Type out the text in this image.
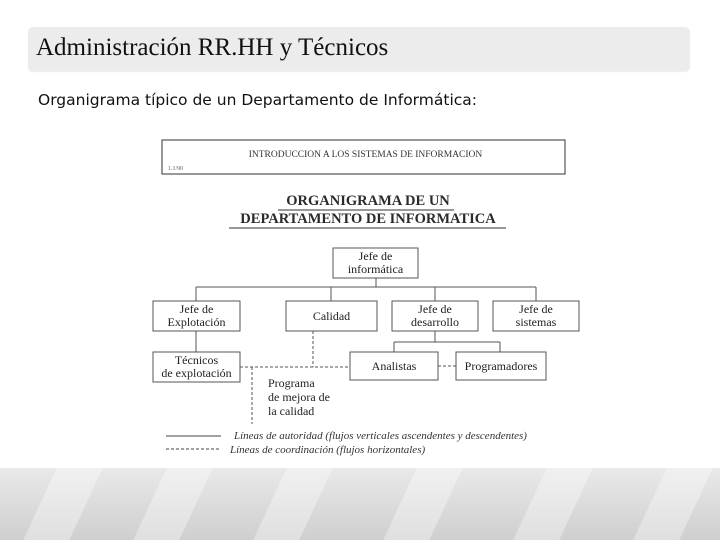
Administración RR.HH y Técnicos
Organigrama típico de un Departamento de Informática:
1.1/90
INTRODUCCION A LOS SISTEMAS DE INFORMACION
ORGANIGRAMA DE UN
DEPARTAMENTO DE INFORMATICA
Jefe de
informática
Jefe de
Explotación	Calidad	Jefe de
desarrollo
Jefe de
sistemas
Técnicos
de explotación
Analistas	Programadores
Programa
de mejora de
la calidad
Líneas de autoridad (flujos verticales ascendentes y descendentes)
Líneas de coordinación (flujos horizontales)
